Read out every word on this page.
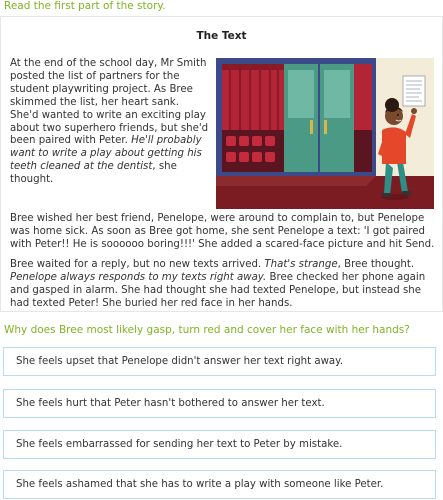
Read the first part of the story.
The Text
At the end of the school day, Mr Smith posted the list of partners for the student playwriting project. As Bree skimmed the list, her heart sank. She'd wanted to write an exciting play about two superhero friends, but she'd been paired with Peter. He'll probably want to write a play about getting his teeth cleaned at the dentist, she thought.
Bree wished her best friend, Penelope, were around to complain to, but Penelope was home sick. As soon as Bree got home, she sent Penelope a text: 'I got paired with Peter!! He is soooooo boring!!!' She added a scared-face picture and hit Send.
Bree waited for a reply, but no new texts arrived. That's strange, Bree thought. Penelope always responds to my texts right away. Bree checked her phone again and gasped in alarm. She had thought she had texted Penelope, but instead she had texted Peter! She buried her red face in her hands.
Why does Bree most likely gasp, turn red and cover her face with her hands?
She feels upset that Penelope didn't answer her text right away.
She feels hurt that Peter hasn't bothered to answer her text.
She feels embarrassed for sending her text to Peter by mistake.
She feels ashamed that she has to write a play with someone like Peter.
